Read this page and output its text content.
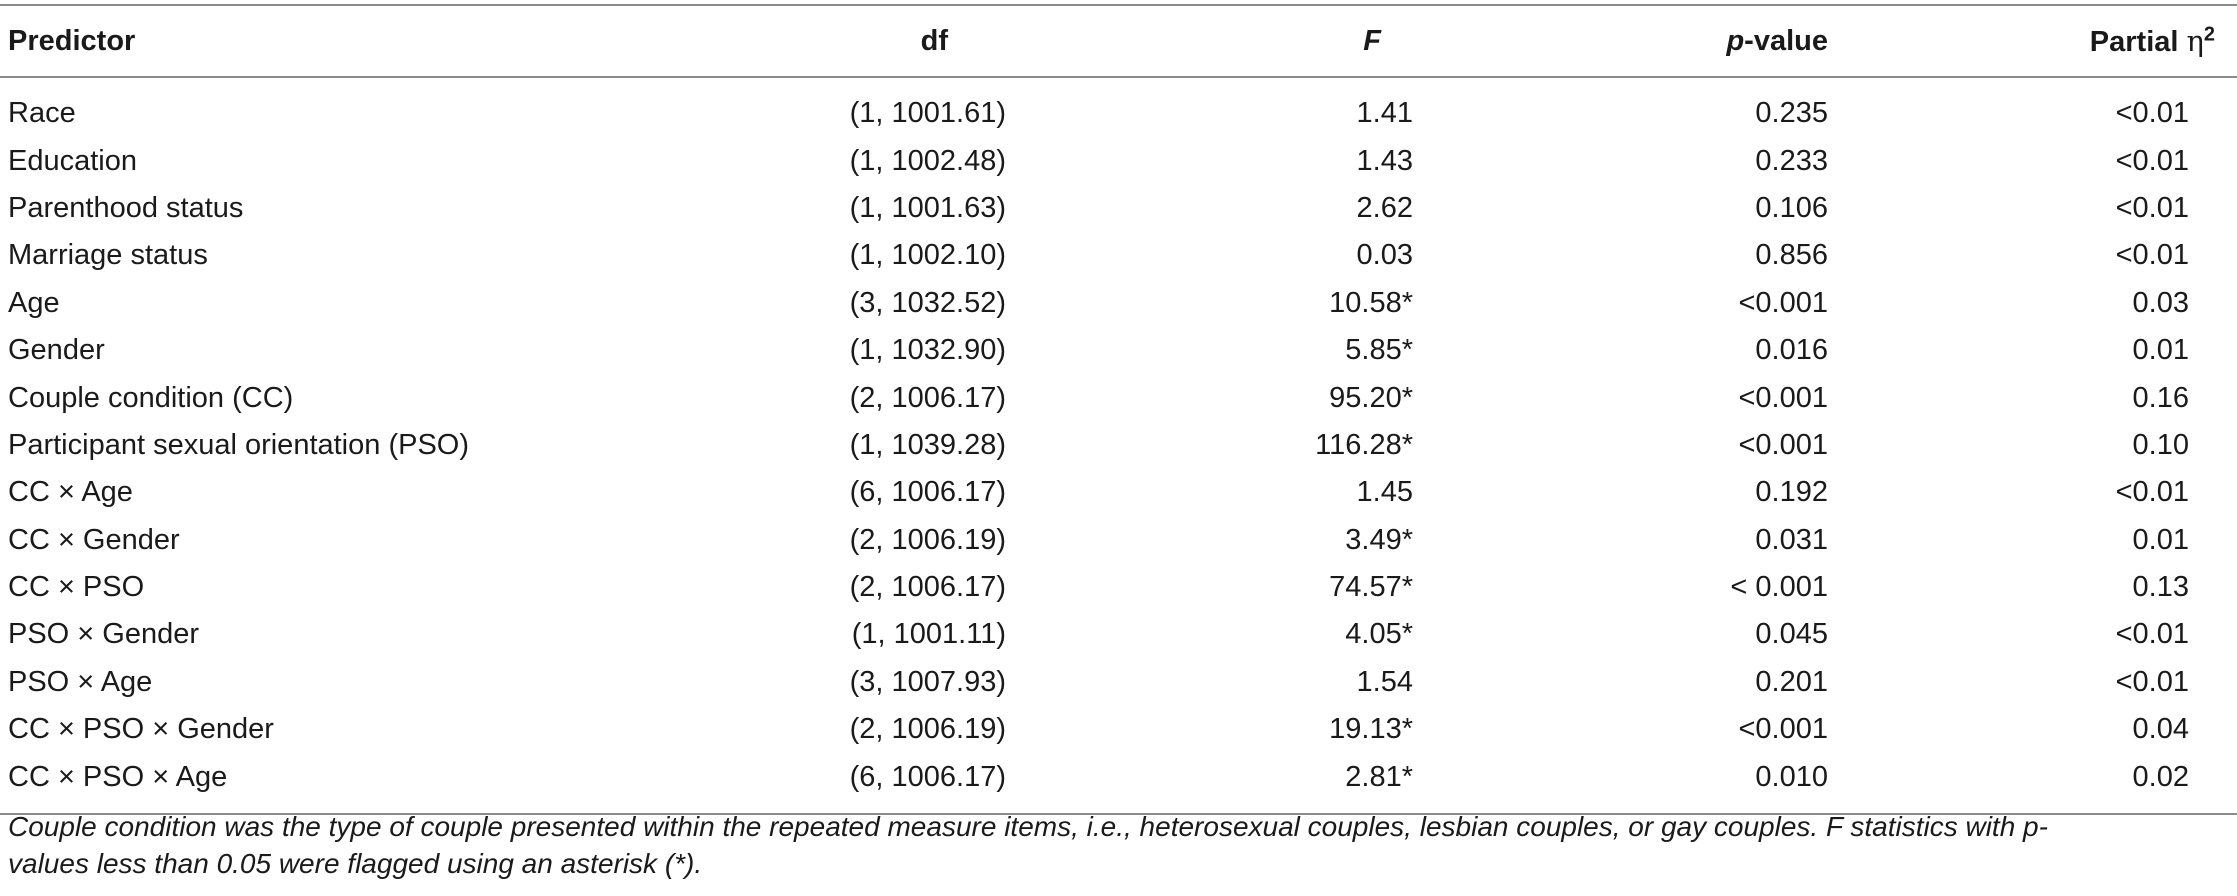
Predictor	df	F	p-value	Partial $\eta^2$
Race	(1, 1001.61)	1.41	0.235	<0.01
Education	(1, 1002.48)	1.43	0.233	<0.01
Parenthood status	(1, 1001.63)	2.62	0.106	<0.01
Marriage status	(1, 1002.10)	0.03	0.856	<0.01
Age	(3, 1032.52)	10.58*	<0.001	0.03
Gender	(1, 1032.90)	5.85*	0.016	0.01
Couple condition (CC)	(2, 1006.17)	95.20*	<0.001	0.16
Participant sexual orientation (PSO)	(1, 1039.28)	116.28*	<0.001	0.10
CC × Age	(6, 1006.17)	1.45	0.192	<0.01
CC × Gender	(2, 1006.19)	3.49*	0.031	0.01
CC × PSO	(2, 1006.17)	74.57*	< 0.001	0.13
PSO × Gender	(1, 1001.11)	4.05*	0.045	<0.01
PSO × Age	(3, 1007.93)	1.54	0.201	<0.01
CC × PSO × Gender	(2, 1006.19)	19.13*	<0.001	0.04
CC × PSO × Age	(6, 1006.17)	2.81*	0.010	0.02
Couple condition was the type of couple presented within the repeated measure items, i.e., heterosexual couples, lesbian couples, or gay couples. F statistics with p-values less than 0.05 were flagged using an asterisk (*).
